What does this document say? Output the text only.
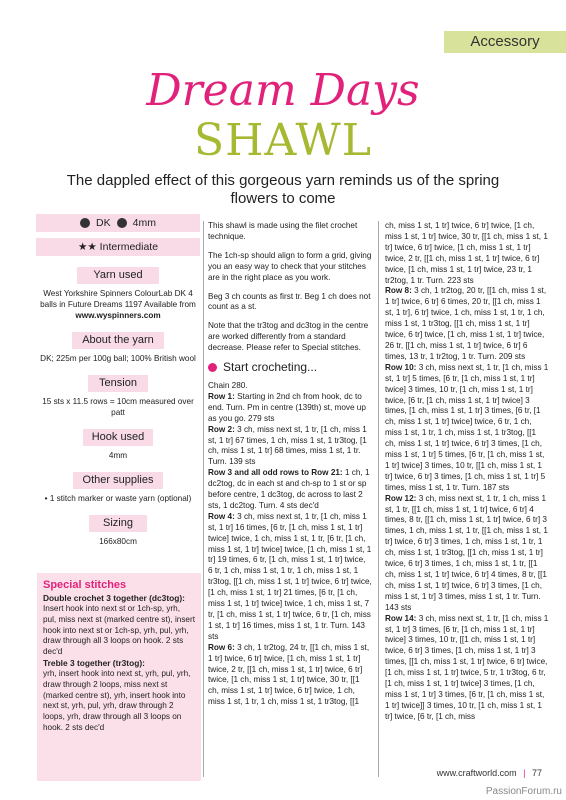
Accessory
Dream Days
SHAWL
The dappled effect of this gorgeous yarn reminds us of the spring flowers to come
DK 4mm
★★ Intermediate
Yarn used

West Yorkshire Spinners ColourLab DK 4 balls in Future Dreams 1197 Available from

www.wyspinners.com

About the yarn

DK; 225m per 100g ball; 100% British wool

Tension

15 sts x 11.5 rows = 10cm measured over patt

Hook used

4mm

Other supplies

• 1 stitch marker or waste yarn (optional)

Sizing

166x80cm

Special stitches
Double crochet 3 together (dc3tog):
Insert hook into next st or 1ch-sp, yrh, pul, miss next st (marked centre st), insert hook into next st or 1ch-sp, yrh, pul, yrh, draw through all 3 loops on hook. 2 sts dec'd
Treble 3 together (tr3tog):
yrh, insert hook into next st, yrh, pul, yrh, draw through 2 loops, miss next st (marked centre st), yrh, insert hook into next st, yrh, pul, yrh, draw through 2 loops, yrh, draw through all 3 loops on hook. 2 sts dec'd

This shawl is made using the filet crochet technique.

The 1ch-sp should align to form a grid, giving you an easy way to check that your stitches are in the right place as you work.

Beg 3 ch counts as first tr. Beg 1 ch does not count as a st.

Note that the tr3tog and dc3tog in the centre are worked differently from a standard decrease. Please refer to Special stitches.

Start crocheting...
Chain 280.
Row 1: Starting in 2nd ch from hook, dc to end. Turn. Pm in centre (139th) st, move up as you go. 279 sts
Row 2: 3 ch, miss next st, 1 tr, [1 ch, miss 1 st, 1 tr] 67 times, 1 ch, miss 1 st, 1 tr3tog, [1 ch, miss 1 st, 1 tr] 68 times, miss 1 st, 1 tr. Turn. 139 sts
Row 3 and all odd rows to Row 21: 1 ch, 1 dc2tog, dc in each st and ch-sp to 1 st or sp before centre, 1 dc3tog, dc across to last 2 sts, 1 dc2tog. Turn. 4 sts dec'd
Row 4: 3 ch, miss next st, 1 tr, [1 ch, miss 1 st, 1 tr] 16 times, [6 tr, [1 ch, miss 1 st, 1 tr] twice] twice, 1 ch, miss 1 st, 1 tr, [6 tr, [1 ch, miss 1 st, 1 tr] twice] twice, [1 ch, miss 1 st, 1 tr] 19 times, 6 tr, [1 ch, miss 1 st, 1 tr] twice, 6 tr, 1 ch, miss 1 st, 1 tr, 1 ch, miss 1 st, 1 tr3tog, [[1 ch, miss 1 st, 1 tr] twice, 6 tr] twice, [1 ch, miss 1 st, 1 tr] 21 times, [6 tr, [1 ch, miss 1 st, 1 tr] twice] twice, 1 ch, miss 1 st, 7 tr, [1 ch, miss 1 st, 1 tr] twice, 6 tr, [1 ch, miss 1 st, 1 tr] 16 times, miss 1 st, 1 tr. Turn. 143 sts
Row 6: 3 ch, 1 tr2tog, 24 tr, [[1 ch, miss 1 st, 1 tr] twice, 6 tr] twice, [1 ch, miss 1 st, 1 tr] twice, 2 tr, [[1 ch, miss 1 st, 1 tr] twice, 6 tr] twice, [1 ch, miss 1 st, 1 tr] twice, 30 tr, [[1 ch, miss 1 st, 1 tr] twice, 6 tr] twice, 1 ch, miss 1 st, 1 tr, 1 ch, miss 1 st, 1 tr3tog, [[1
ch, miss 1 st, 1 tr] twice, 6 tr] twice, [1 ch, miss 1 st, 1 tr] twice, 30 tr, [[1 ch, miss 1 st, 1 tr] twice, 6 tr] twice, [1 ch, miss 1 st, 1 tr] twice, 2 tr, [[1 ch, miss 1 st, 1 tr] twice, 6 tr] twice, [1 ch, miss 1 st, 1 tr] twice, 23 tr, 1 tr2tog, 1 tr. Turn. 223 sts
Row 8: 3 ch, 1 tr2tog, 20 tr, [[1 ch, miss 1 st, 1 tr] twice, 6 tr] 6 times, 20 tr, [[1 ch, miss 1 st, 1 tr], 6 tr] twice, 1 ch, miss 1 st, 1 tr, 1 ch, miss 1 st, 1 tr3tog, [[1 ch, miss 1 st, 1 tr] twice, 6 tr] twice, [1 ch, miss 1 st, 1 tr] twice, 26 tr, [[1 ch, miss 1 st, 1 tr] twice, 6 tr] 6 times, 13 tr, 1 tr2tog, 1 tr. Turn. 209 sts
Row 10: 3 ch, miss next st, 1 tr, [1 ch, miss 1 st, 1 tr] 5 times, [6 tr, [1 ch, miss 1 st, 1 tr] twice] 3 times, 10 tr, [1 ch, miss 1 st, 1 tr] twice, [6 tr, [1 ch, miss 1 st, 1 tr] twice] 3 times, [1 ch, miss 1 st, 1 tr] 3 times, [6 tr, [1 ch, miss 1 st, 1 tr] twice] twice, 6 tr, 1 ch, miss 1 st, 1 tr, 1 ch, miss 1 st, 1 tr3tog, [[1 ch, miss 1 st, 1 tr] twice, 6 tr] 3 times, [1 ch, miss 1 st, 1 tr] 5 times, [6 tr, [1 ch, miss 1 st, 1 tr] twice] 3 times, 10 tr, [[1 ch, miss 1 st, 1 tr] twice, 6 tr] 3 times, [1 ch, miss 1 st, 1 tr] 5 times, miss 1 st, 1 tr. Turn. 187 sts
Row 12: 3 ch, miss next st, 1 tr, 1 ch, miss 1 st, 1 tr, [[1 ch, miss 1 st, 1 tr] twice, 6 tr] 4 times, 8 tr, [[1 ch, miss 1 st, 1 tr] twice, 6 tr] 3 times, 1 ch, miss 1 st, 1 tr, [[1 ch, miss 1 st, 1 tr] twice, 6 tr] 3 times, 1 ch, miss 1 st, 1 tr, 1 ch, miss 1 st, 1 tr3tog, [[1 ch, miss 1 st, 1 tr] twice, 6 tr] 3 times, 1 ch, miss 1 st, 1 tr, [[1 ch, miss 1 st, 1 tr] twice, 6 tr] 4 times, 8 tr, [[1 ch, miss 1 st, 1 tr] twice, 6 tr] 3 times, [1 ch, miss 1 st, 1 tr] 3 times, miss 1 st, 1 tr. Turn. 143 sts
Row 14: 3 ch, miss next st, 1 tr, [1 ch, miss 1 st, 1 tr] 3 times, [6 tr, [1 ch, miss 1 st, 1 tr] twice] 3 times, 10 tr, [[1 ch, miss 1 st, 1 tr] twice, 6 tr] 3 times, [1 ch, miss 1 st, 1 tr] 3 times, [[1 ch, miss 1 st, 1 tr] twice, 6 tr] twice, [1 ch, miss 1 st, 1 tr] twice, 5 tr, 1 tr3tog, 6 tr, [1 ch, miss 1 st, 1 tr] twice] 3 times, [1 ch, miss 1 st, 1 tr] 3 times, [6 tr, [1 ch, miss 1 st, 1 tr] twice]] 3 times, 10 tr, [1 ch, miss 1 st, 1 tr] twice, [6 tr, [1 ch, miss
www.craftworld.com | 77
PassionForum.ru
